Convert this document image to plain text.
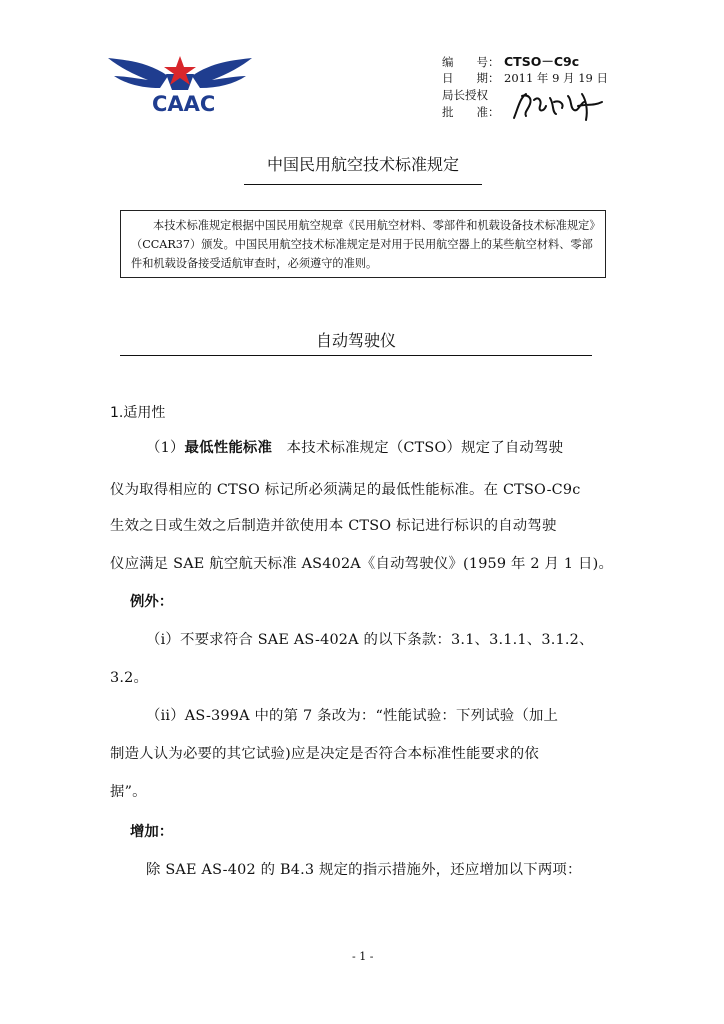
CAAC
编　　号： CTSO－C9c
日　　期： 2011 年 9 月 19 日
局长授权
批　　准：
中国民用航空技术标准规定
本技术标准规定根据中国民用航空规章《民用航空材料、零部件和机载设备技术标准规定》（CCAR37）颁发。中国民用航空技术标准规定是对用于民用航空器上的某些航空材料、零部件和机载设备接受适航审查时，必须遵守的准则。
自动驾驶仪
1.适用性
（1）最低性能标准　本技术标准规定（CTSO）规定了自动驾驶
仪为取得相应的 CTSO 标记所必须满足的最低性能标准。在 CTSO-C9c
生效之日或生效之后制造并欲使用本 CTSO 标记进行标识的自动驾驶
仪应满足 SAE 航空航天标准 AS402A《自动驾驶仪》(1959 年 2 月 1 日)。
例外：
（i）不要求符合 SAE AS-402A 的以下条款：3.1、3.1.1、3.1.2、
3.2。
（ii）AS-399A 中的第 7 条改为：“性能试验：下列试验（加上
制造人认为必要的其它试验)应是决定是否符合本标准性能要求的依
据”。
增加：
除 SAE AS-402 的 B4.3 规定的指示措施外，还应增加以下两项：
- 1 -
